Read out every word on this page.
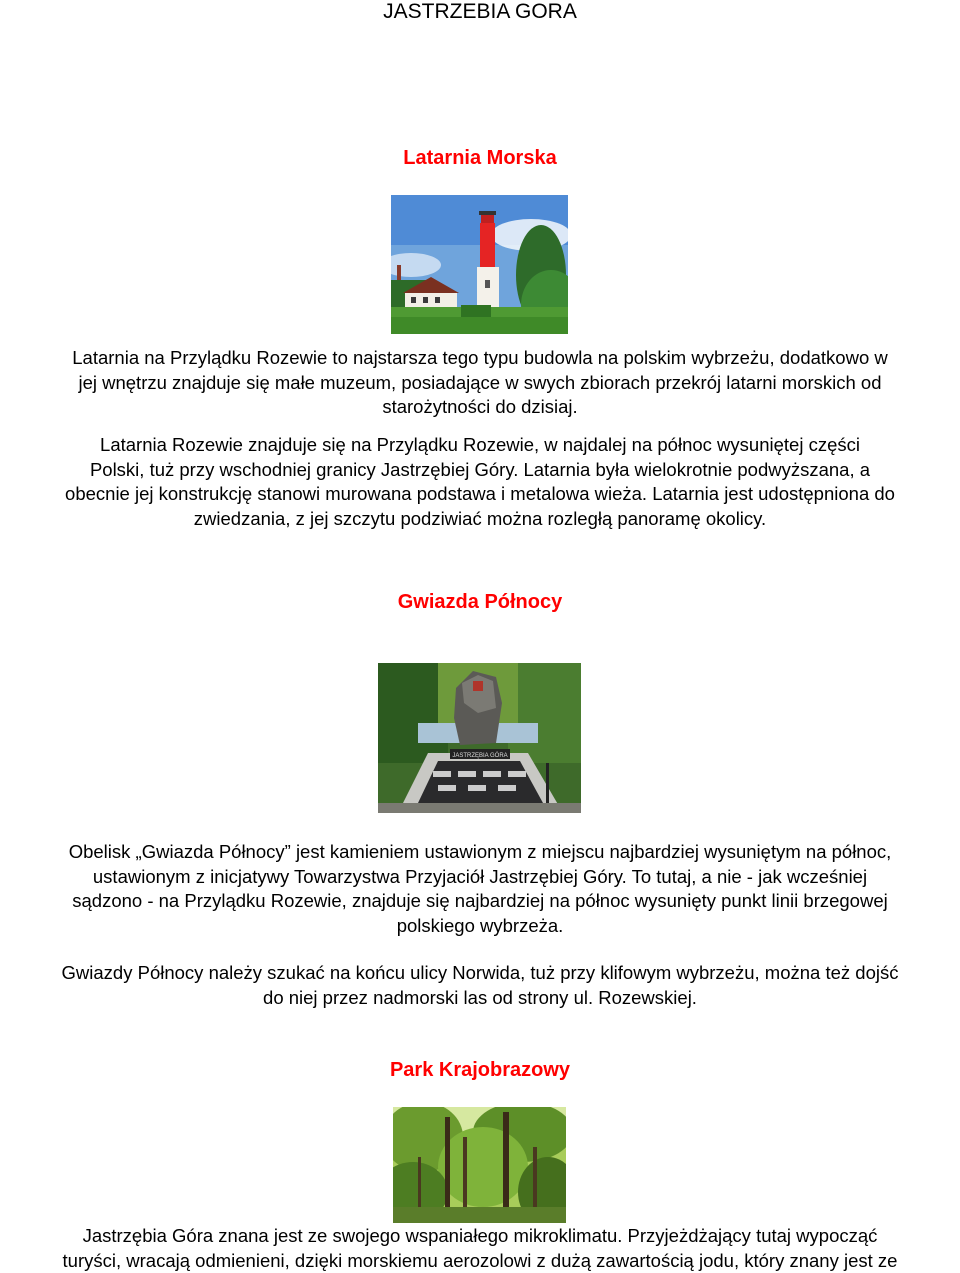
JASTRZEBIA GORA
Latarnia Morska
Latarnia na Przylądku Rozewie to najstarsza tego typu budowla na polskim wybrzeżu, dodatkowo w
jej wnętrzu znajduje się małe muzeum, posiadające w swych zbiorach przekrój latarni morskich od
starożytności do dzisiaj.
Latarnia Rozewie znajduje się na Przylądku Rozewie, w najdalej na północ wysuniętej części
Polski, tuż przy wschodniej granicy Jastrzębiej Góry. Latarnia była wielokrotnie podwyższana, a
obecnie jej konstrukcję stanowi murowana podstawa i metalowa wieża. Latarnia jest udostępniona do
zwiedzania, z jej szczytu podziwiać można rozległą panoramę okolicy.
Gwiazda Północy
JASTRZĘBIA GÓRA
Obelisk „Gwiazda Północy” jest kamieniem ustawionym z miejscu najbardziej wysuniętym na północ,
ustawionym z inicjatywy Towarzystwa Przyjaciół Jastrzębiej Góry. To tutaj, a nie - jak wcześniej
sądzono - na Przylądku Rozewie, znajduje się najbardziej na północ wysunięty punkt linii brzegowej
polskiego wybrzeża.
Gwiazdy Północy należy szukać na końcu ulicy Norwida, tuż przy klifowym wybrzeżu, można też dojść
do niej przez nadmorski las od strony ul. Rozewskiej.
Park Krajobrazowy
Jastrzębia Góra znana jest ze swojego wspaniałego mikroklimatu. Przyjeżdżający tutaj wypocząć
turyści, wracają odmienieni, dzięki morskiemu aerozolowi z dużą zawartością jodu, który znany jest ze
